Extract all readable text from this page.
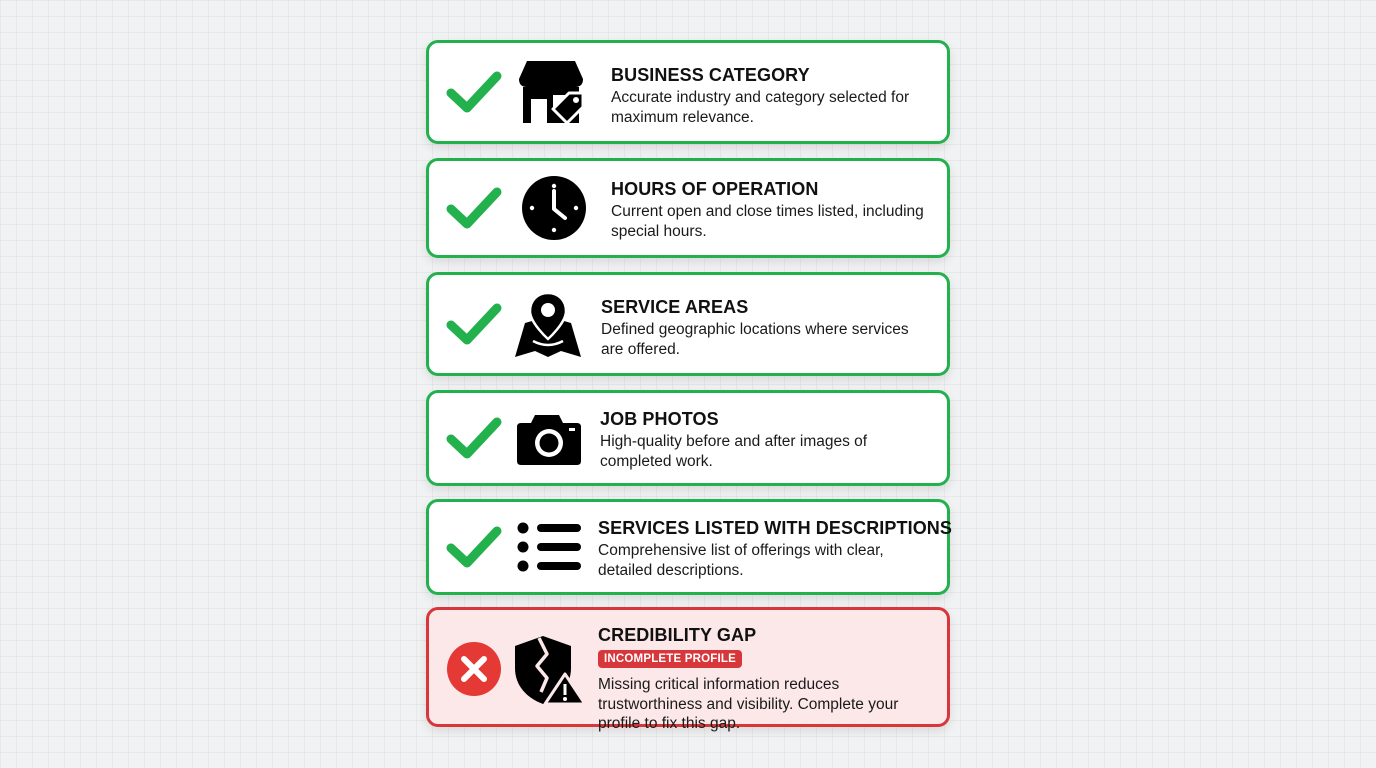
BUSINESS CATEGORY

Accurate industry and category selected for maximum relevance.

HOURS OF OPERATION

Current open and close times listed, including special hours.

SERVICE AREAS

Defined geographic locations where services are offered.

JOB PHOTOS

High-quality before and after images of completed work.

SERVICES LISTED WITH DESCRIPTIONS

Comprehensive list of offerings with clear, detailed descriptions.

CREDIBILITY GAP

INCOMPLETE PROFILE

Missing critical information reduces trustworthiness and visibility. Complete your profile to fix this gap.
